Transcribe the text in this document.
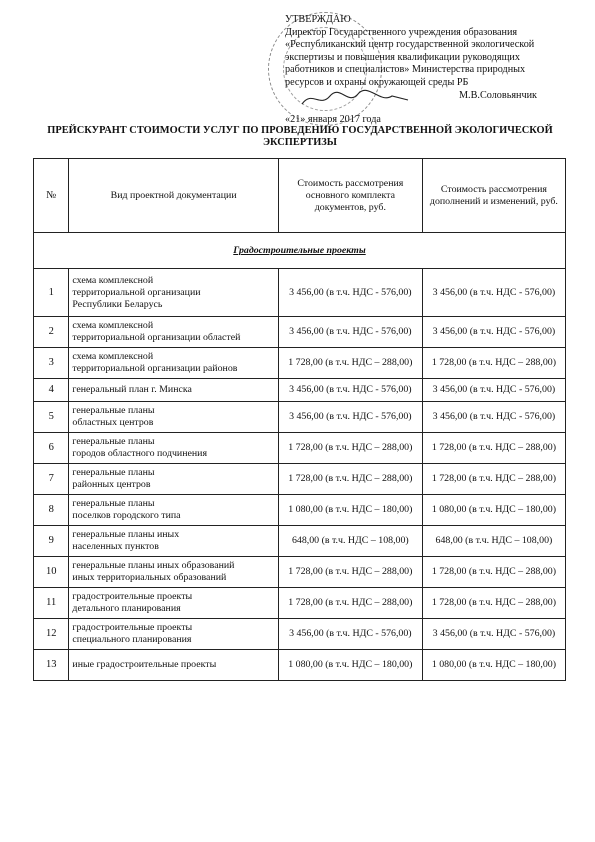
УТВЕРЖДАЮ
Директор Государственного учреждения образования
«Республиканский центр государственной экологической
экспертизы и повышения квалификации руководящих
работников и специалистов» Министерства природных
ресурсов и охраны окружающей среды РБ
М.В.Соловьянчик
«21» января 2017 года
ПРЕЙСКУРАНТ СТОИМОСТИ УСЛУГ ПО ПРОВЕДЕНИЮ ГОСУДАРСТВЕННОЙ ЭКОЛОГИЧЕСКОЙ ЭКСПЕРТИЗЫ
№	Вид проектной документации	Стоимость рассмотрения основного комплекта документов, руб.	Стоимость рассмотрения дополнений и изменений, руб.
Градостроительные проекты			
1	схема комплексной
территориальной организации
Республики Беларусь	3 456,00 (в т.ч. НДС - 576,00)	3 456,00 (в т.ч. НДС - 576,00)
2	схема комплексной
территориальной организации областей	3 456,00 (в т.ч. НДС - 576,00)	3 456,00 (в т.ч. НДС - 576,00)
3	схема комплексной
территориальной организации районов	1 728,00 (в т.ч. НДС – 288,00)	1 728,00 (в т.ч. НДС – 288,00)
4	генеральный план г. Минска	3 456,00 (в т.ч. НДС - 576,00)	3 456,00 (в т.ч. НДС - 576,00)
5	генеральные планы
областных центров	3 456,00 (в т.ч. НДС - 576,00)	3 456,00 (в т.ч. НДС - 576,00)
6	генеральные планы
городов областного подчинения	1 728,00 (в т.ч. НДС – 288,00)	1 728,00 (в т.ч. НДС – 288,00)
7	генеральные планы
районных центров	1 728,00 (в т.ч. НДС – 288,00)	1 728,00 (в т.ч. НДС – 288,00)
8	генеральные планы
поселков городского типа	1 080,00 (в т.ч. НДС – 180,00)	1 080,00 (в т.ч. НДС – 180,00)
9	генеральные планы иных
населенных пунктов	648,00 (в т.ч. НДС – 108,00)	648,00 (в т.ч. НДС – 108,00)
10	генеральные планы иных образований
иных территориальных образований	1 728,00 (в т.ч. НДС – 288,00)	1 728,00 (в т.ч. НДС – 288,00)
11	градостроительные проекты
детального планирования	1 728,00 (в т.ч. НДС – 288,00)	1 728,00 (в т.ч. НДС – 288,00)
12	градостроительные проекты
специального планирования	3 456,00 (в т.ч. НДС - 576,00)	3 456,00 (в т.ч. НДС - 576,00)
13	иные градостроительные проекты	1 080,00 (в т.ч. НДС – 180,00)	1 080,00 (в т.ч. НДС – 180,00)
